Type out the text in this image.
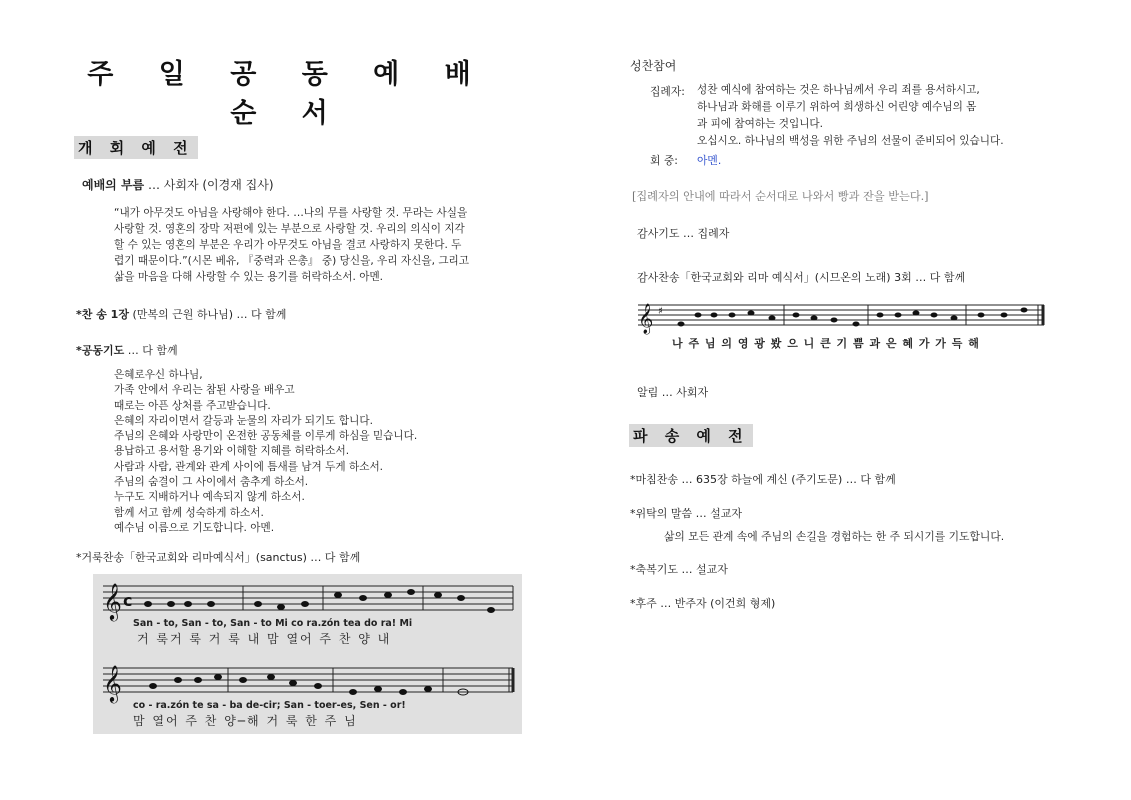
주 일 공 동 예 배 순 서
개 회 예 전
예배의 부름 … 사회자 (이경재 집사)
“내가 아무것도 아님을 사랑해야 한다. …나의 무를 사랑할 것. 무라는 사실을
사랑할 것. 영혼의 장막 저편에 있는 부분으로 사랑할 것. 우리의 의식이 지각
할 수 있는 영혼의 부분은 우리가 아무것도 아님을 결코 사랑하지 못한다. 두
렵기 때문이다.”(시몬 베유, 『중력과 은총』 중) 당신을, 우리 자신을, 그리고
삶을 마음을 다해 사랑할 수 있는 용기를 허락하소서. 아멘.
*찬 송 1장 (만복의 근원 하나님) … 다 함께
*공동기도 … 다 함께
은혜로우신 하나님,
가족 안에서 우리는 참된 사랑을 배우고
때로는 아픈 상처를 주고받습니다.
은혜의 자리이면서 갈등과 눈물의 자리가 되기도 합니다.
주님의 은혜와 사랑만이 온전한 공동체를 이루게 하심을 믿습니다.
용납하고 용서할 용기와 이해할 지혜를 허락하소서.
사람과 사람, 관계와 관계 사이에 틈새를 남겨 두게 하소서.
주님의 숨결이 그 사이에서 춤추게 하소서.
누구도 지배하거나 예속되지 않게 하소서.
함께 서고 함께 성숙하게 하소서.
예수님 이름으로 기도합니다. 아멘.
*거룩찬송「한국교회와 리마예식서」(sanctus) … 다 함께
𝄞 c
𝄞
San - to, San - to, San - to Mi co ra.zón tea do ra! Mi
거 룩거 룩 거 룩 내 맘 열어 주 찬 양 내
co - ra.zón te sa - ba de-cir; San - toer-es, Sen - or!
맘 열어 주 찬 양─해 거 룩 한 주 님
성찬참여
집례자: 성찬 예식에 참여하는 것은 하나님께서 우리 죄를 용서하시고,
하나님과 화해를 이루기 위하여 희생하신 어린양 예수님의 몸
과 피에 참여하는 것입니다.
오십시오. 하나님의 백성을 위한 주님의 선물이 준비되어 있습니다.
회 중: 아멘.
[집례자의 안내에 따라서 순서대로 나와서 빵과 잔을 받는다.]
감사기도 … 집례자
감사찬송「한국교회와 리마 예식서」(시므온의 노래) 3회 … 다 함께
𝄞 ♯
나 주 님 의 영 광 봤 으 니 큰 기 쁨 과 은 혜 가 가 득 해
알림 … 사회자
파 송 예 전
*마침찬송 … 635장 하늘에 계신 (주기도문) … 다 함께
*위탁의 말씀 … 설교자
삶의 모든 관계 속에 주님의 손길을 경험하는 한 주 되시기를 기도합니다.
*축복기도 … 설교자
*후주 … 반주자 (이건희 형제)
